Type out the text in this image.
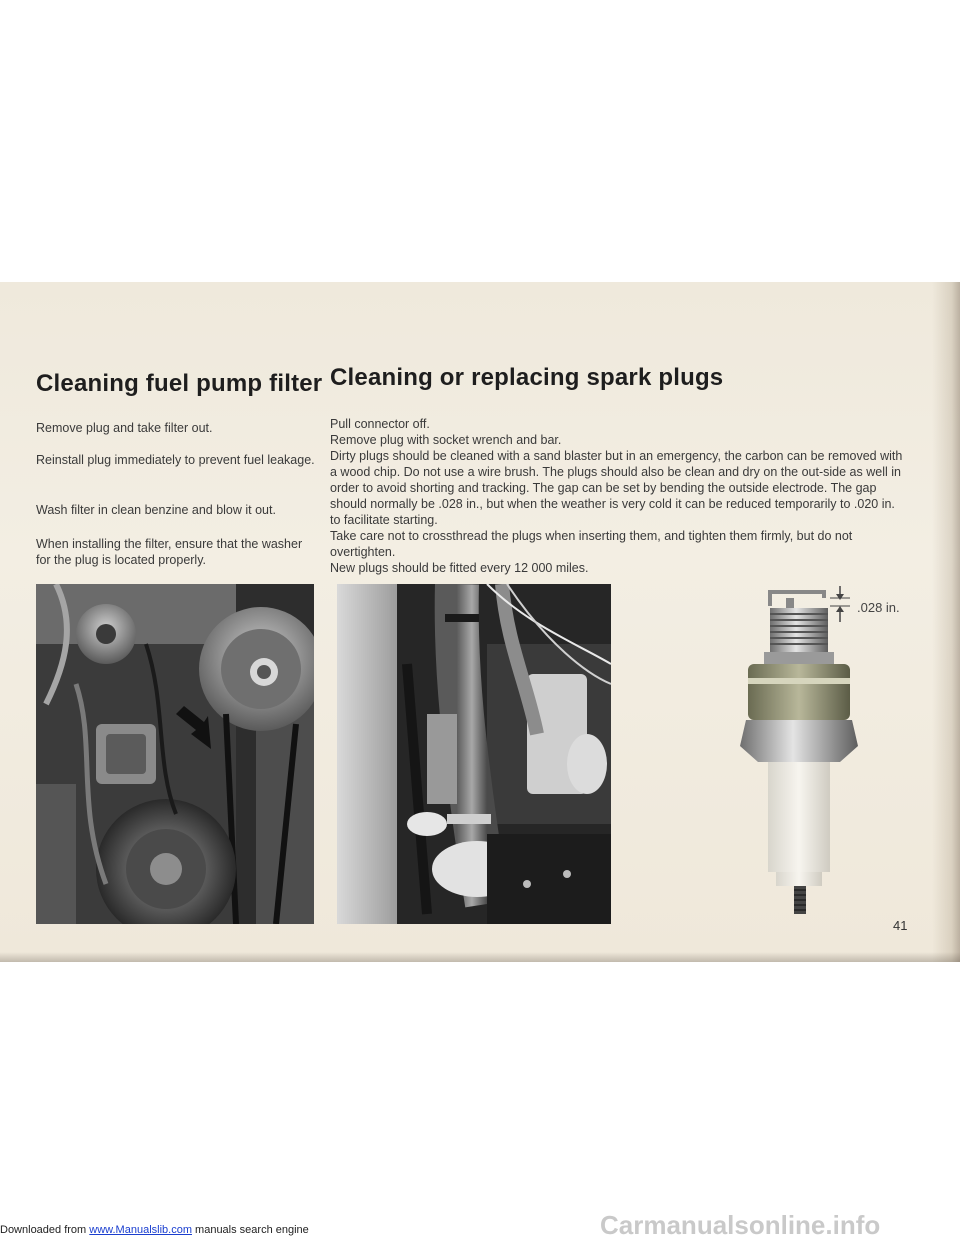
Cleaning fuel pump filter

Remove plug and take filter out.

Reinstall plug immediately to prevent fuel leakage.

Wash filter in clean benzine and blow it out.

When installing the filter, ensure that the washer for the plug is located properly.

Cleaning or replacing spark plugs
Pull connector off.
Remove plug with socket wrench and bar.
Dirty plugs should be cleaned with a sand blaster but in an emergency, the carbon can be removed with a wood chip. Do not use a wire brush. The plugs should also be clean and dry on the out-side as well in order to avoid shorting and tracking. The gap can be set by bending the outside electrode. The gap should normally be .028 in., but when the weather is very cold it can be reduced temporarily to .020 in. to facilitate starting.
Take care not to crossthread the plugs when inserting them, and tighten them firmly, but do not overtighten.
New plugs should be fitted every 12 000 miles.
.028 in.
41
Carmanualsonline.info
Downloaded from www.Manualslib.com manuals search engine
